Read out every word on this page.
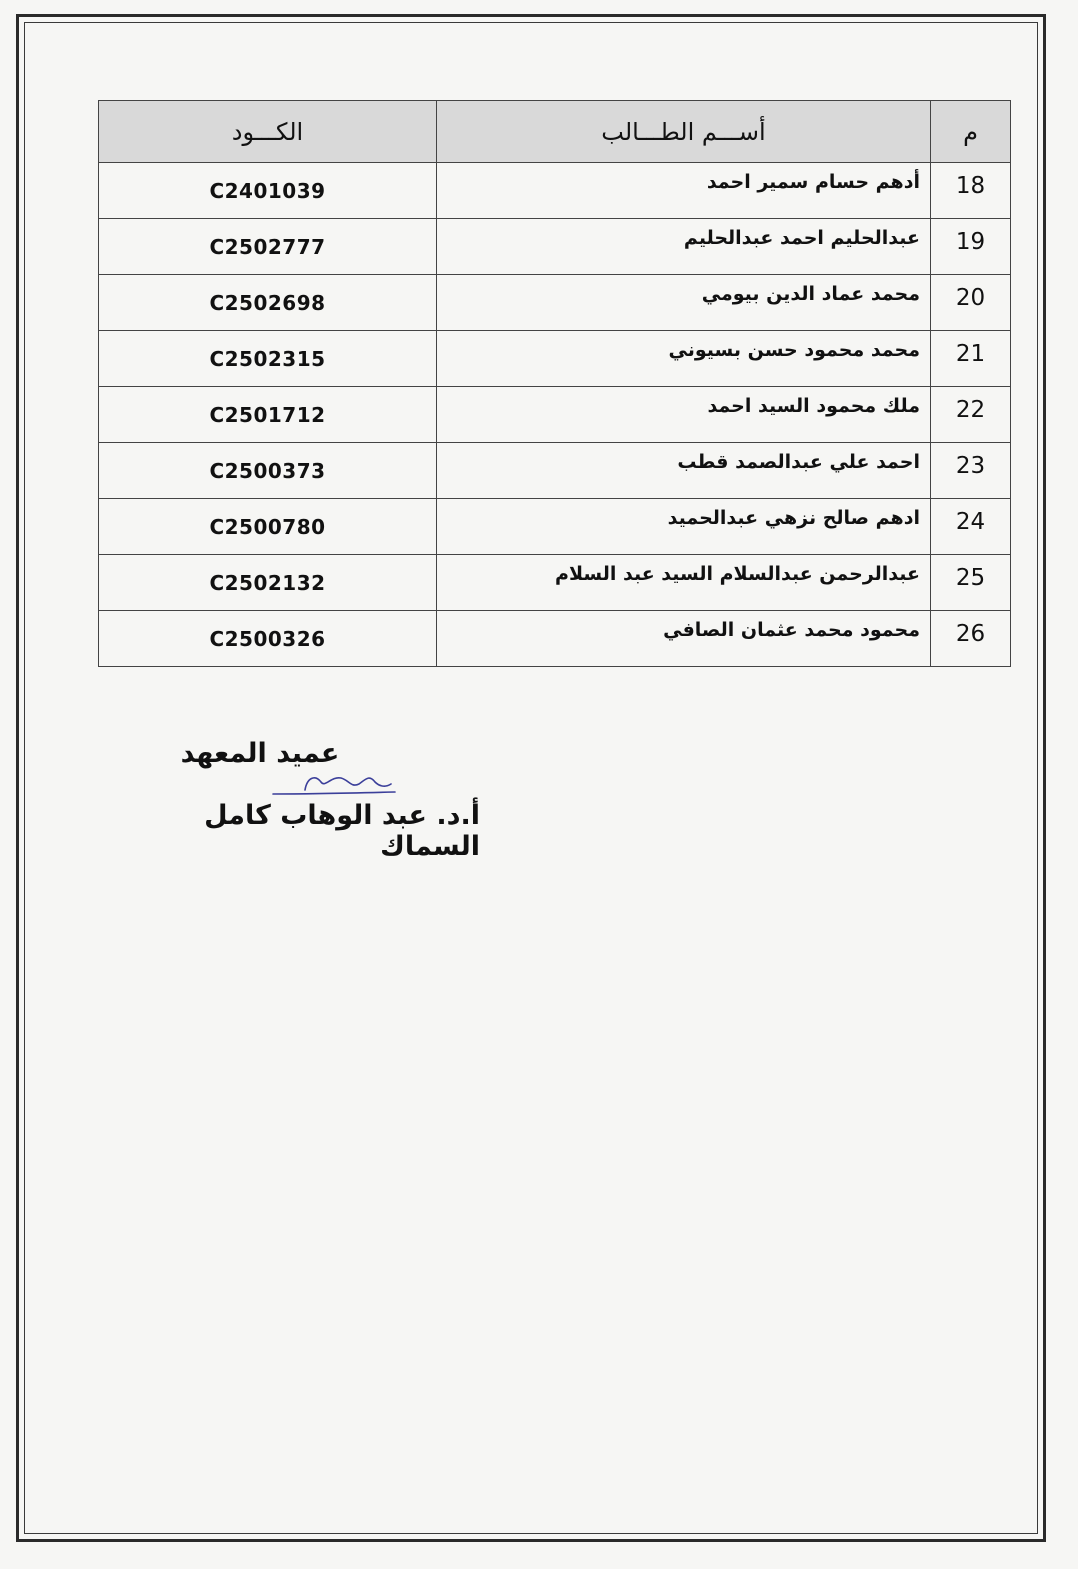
الكـــود	أســـم الطـــالب	م
C2401039	أدهم حسام سمير احمد	18
C2502777	عبدالحليم احمد عبدالحليم	19
C2502698	محمد عماد الدين بيومي	20
C2502315	محمد محمود حسن بسيوني	21
C2501712	ملك محمود السيد احمد	22
C2500373	احمد علي عبدالصمد قطب	23
C2500780	ادهم صالح نزهي عبدالحميد	24
C2502132	عبدالرحمن عبدالسلام السيد عبد السلام	25
C2500326	محمود محمد عثمان الصافي	26
عميد المعهد
أ.د. عبد الوهاب كامل السماك
